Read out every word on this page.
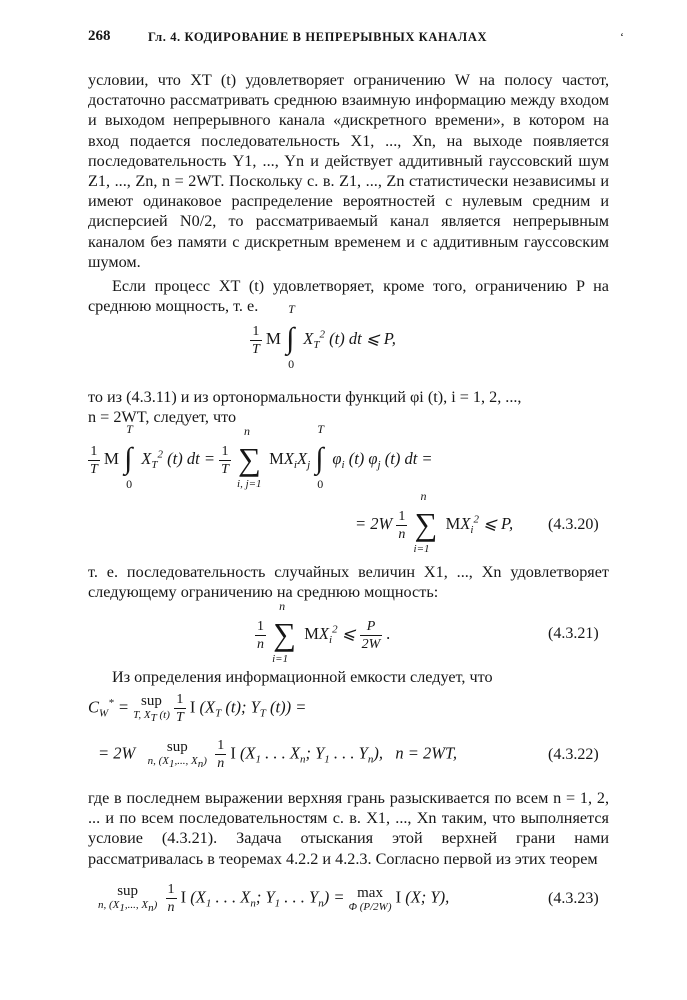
268	Гл. 4. КОДИРОВАНИЕ В НЕПРЕРЫВНЫХ КАНАЛАХ	‘
условии, что XT (t) удовлетворяет ограничению W на полосу частот, достаточно рассматривать среднюю взаимную информацию между входом и выходом непрерывного канала «дискретного времени», в котором на вход подается последовательность X1, ..., Xn, на выходе появляется последовательность Y1, ..., Yn и действует аддитивный гауссовский шум Z1, ..., Zn, n = 2WT. Поскольку с. в. Z1, ..., Zn статистически независимы и имеют одинаковое распределение вероятностей с нулевым средним и дисперсией N0/2, то рассматриваемый канал является непрерывным каналом без памяти с дискретным временем и с аддитивным гауссовским шумом.
Если процесс XT (t) удовлетворяет, кроме того, ограничению P на среднюю мощность, т. е.
$\frac{1}{T}$ M
T
∫
0
$X_T^2$ (t) dt ⩽ P,
то из (4.3.11) и из ортонормальности функций φi (t), i = 1, 2, ...,
n = 2WT, следует, что
$\frac{1}{T}$ M
T
∫
0
$X_T^2$ (t) dt = $\frac{1}{T}$

n
∑
i, j=1
$MX_iX_j$
T
∫
0
$\varphi_i$ (t) $\varphi_j$ (t) dt =
= $2W \frac{1}{n}$

n
∑
i=1
$MX_i^2$ ⩽ P, (4.3.20)
т. е. последовательность случайных величин X1, ..., Xn удовлетворяет следующему ограничению на среднюю мощность:
$\frac{1}{n}$

n
∑
i=1
$MX_i^2$ ⩽ $\frac{P}{2W}$ .	(4.3.21)
Из определения информационной емкости следует, что
$C_W^*$ = sup
T, $X_T$ (t)
$\frac{1}{T}$ I ($X_T$ (t); $Y_T$ (t)) =
= 2W	sup
n, ($X_1$,..., $X_n$)
$\frac{1}{n}$ I ($X_1$ . . . $X_n$; $Y_1$ . . . $Y_n$),   n = 2WT,	(4.3.22)
где в последнем выражении верхняя грань разыскивается по всем n = 1, 2, ... и по всем последовательностям с. в. X1, ..., Xn таким, что выполняется условие (4.3.21). Задача отыскания этой верхней грани нами рассматривалась в теоремах 4.2.2 и 4.2.3. Согласно первой из этих теорем
sup
n, ($X_1$,..., $X_n$)
$\frac{1}{n}$ I ($X_1$ . . . $X_n$; $Y_1$ . . . $Y_n) = \max$
Φ (P/2W)
I (X; Y),	(4.3.23)
